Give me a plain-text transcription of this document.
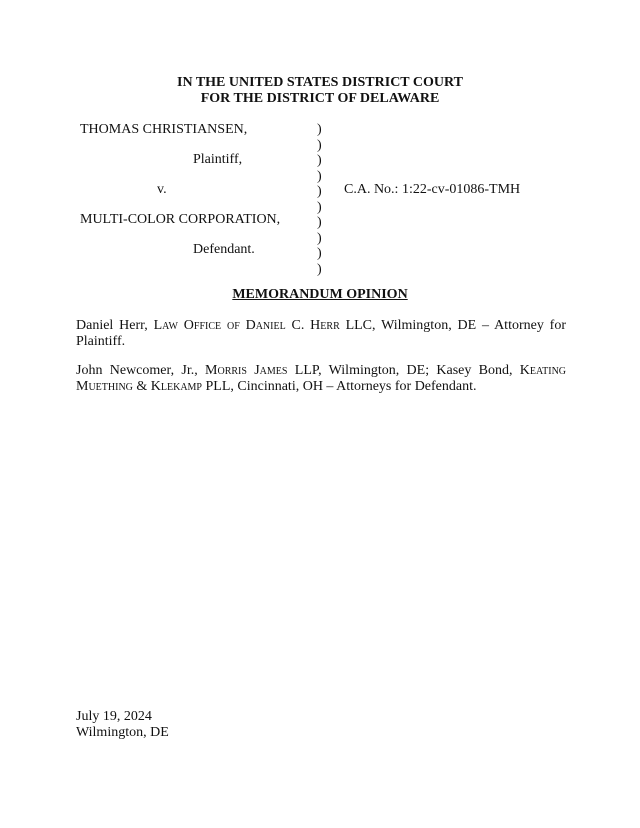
IN THE UNITED STATES DISTRICT COURT
FOR THE DISTRICT OF DELAWARE
THOMAS CHRISTIANSEN,
Plaintiff,
v.
MULTI-COLOR CORPORATION,
Defendant.
C.A. No.: 1:22-cv-01086-TMH
)
)
)
)
)
)
)
)
)
)
MEMORANDUM OPINION
Daniel Herr, Law Office of Daniel C. Herr LLC, Wilmington, DE – Attorney for Plaintiff.
John Newcomer, Jr., Morris James LLP, Wilmington, DE; Kasey Bond, Keating Muething & Klekamp PLL, Cincinnati, OH – Attorneys for Defendant.
July 19, 2024
Wilmington, DE
